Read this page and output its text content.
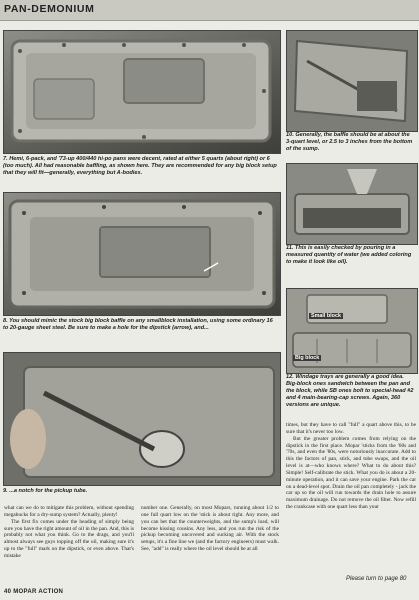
PAN-DEMONIUM
7. Hemi, 6-pack, and '73-up 400/440 hi-po pans were decent, rated at either 5 quarts (about right) or 6 (too much). All had reasonable baffling, as shown here. They are recommended for any big block setup that they will fit—generally, everything but A-bodies.
10. Generally, the baffle should be at about the 3-quart level, or 2.5 to 3 inches from the bottom of the sump.
8. You should mimic the stock big block baffle on any smallblock installation, using some ordinary 16 to 20-gauge sheet steel. Be sure to make a hole for the dipstick (arrow), and...
11. This is easily checked by pouring in a measured quantity of water (we added coloring to make it look like oil).
Small block
Big block
12. Windage trays are generally a good idea. Big-block ones sandwich between the pan and the block, while SB ones bolt to special-head #2 and 4 main-bearing-cap screws. Again, 360 versions are unique.
9. ...a notch for the pickup tube.

what can we do to mitigate this problem, without spending megabucks for a dry-sump system? Actually, plenty!

The first fix comes under the heading of simply being sure you have the right amount of oil in the pan. And, this is probably not what you think. Go to the drags, and you'll almost always see guys topping off the oil, making sure it's up to the "full" mark on the dipstick, or even above. That's mistake

number one. Generally, on most Mopars, running about 1/2 to one full quart low on the 'stick is about right. Any more, and you can bet that the counterweights, and the sump's load, will become kissing cousins. Any less, and you run the risk of the pickup becoming uncovered and sucking air. With the stock setups, it's a fine line we (and the factory engineers) must walk. See, "add" is really where the oil level should be at all

times, but they have to call "full" a quart above this, to be sure that it's never too low.

But the greater problem comes from relying on the dipstick in the first place. Mopar 'sticks from the '60s and '70s, and even the '80s, were notoriously inaccurate. Add to this the factors of pan, stick, and tube swaps, and the oil level is at—who knows where? What to do about this? Simple! Self-calibrate the stick. What you do is about a 20-minute operation, and it can save your engine. Park the car on a dead-level spot. Drain the oil pan completely - jack the car up so the oil will run towards the drain hole to assure maximum drainage. Do not remove the oil filter. Now refill the crankcase with one quart less than your

Please turn to page 80
40 MOPAR ACTION
